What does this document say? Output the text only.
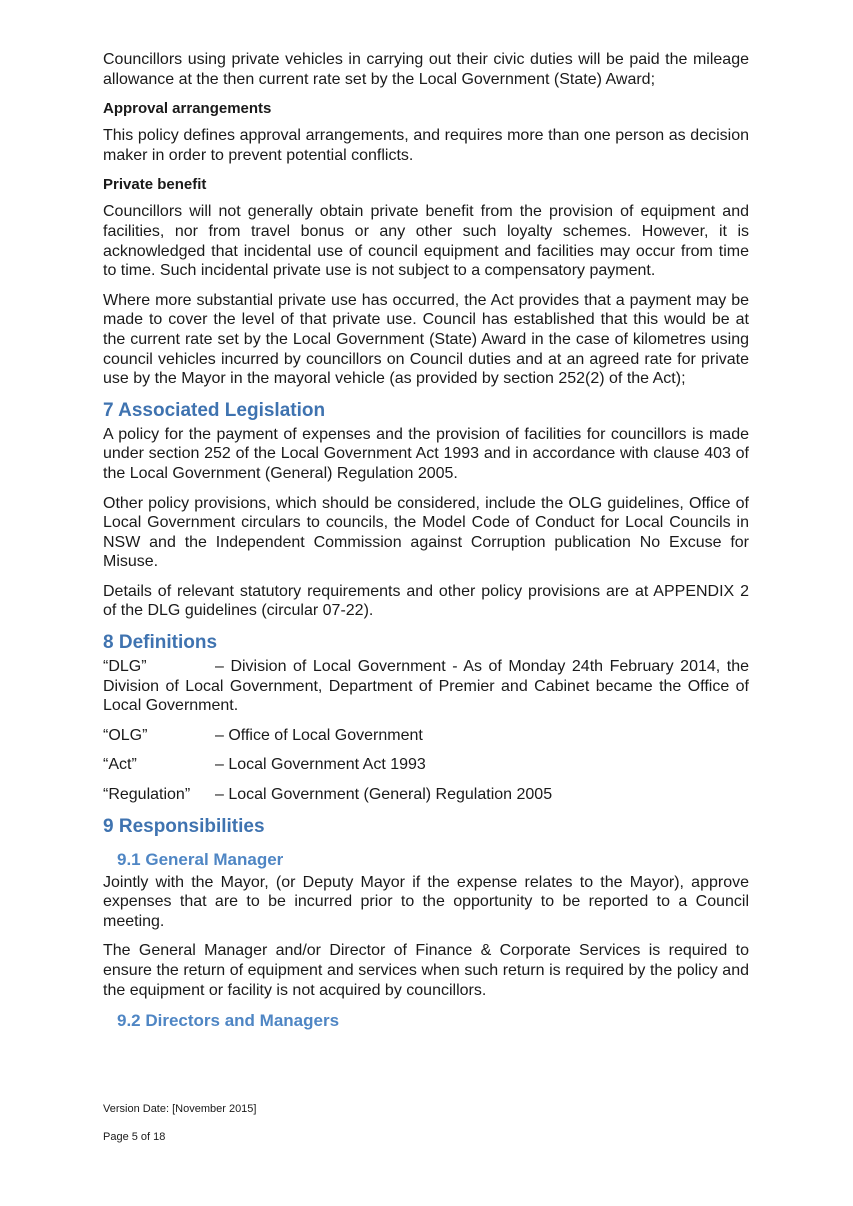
Councillors using private vehicles in carrying out their civic duties will be paid the mileage allowance at the then current rate set by the Local Government (State) Award;

Approval arrangements

This policy defines approval arrangements, and requires more than one person as decision maker in order to prevent potential conflicts.

Private benefit

Councillors will not generally obtain private benefit from the provision of equipment and facilities, nor from travel bonus or any other such loyalty schemes. However, it is acknowledged that incidental use of council equipment and facilities may occur from time to time. Such incidental private use is not subject to a compensatory payment.

Where more substantial private use has occurred, the Act provides that a payment may be made to cover the level of that private use. Council has established that this would be at the current rate set by the Local Government (State) Award in the case of kilometres using council vehicles incurred by councillors on Council duties and at an agreed rate for private use by the Mayor in the mayoral vehicle (as provided by section 252(2) of the Act);

7 Associated Legislation

A policy for the payment of expenses and the provision of facilities for councillors is made under section 252 of the Local Government Act 1993 and in accordance with clause 403 of the Local Government (General) Regulation 2005.

Other policy provisions, which should be considered, include the OLG guidelines, Office of Local Government circulars to councils, the Model Code of Conduct for Local Councils in NSW and the Independent Commission against Corruption publication No Excuse for Misuse.

Details of relevant statutory requirements and other policy provisions are at APPENDIX 2 of the DLG guidelines (circular 07-22).

8 Definitions
“DLG”	– Division of Local Government - As of Monday 24th February 2014, the Division of Local Government, Department of Premier and Cabinet became the Office of Local Government.
“OLG”	– Office of Local Government
“Act”	– Local Government Act 1993
“Regulation”	– Local Government (General) Regulation 2005
9 Responsibilities
9.1 General Manager

Jointly with the Mayor, (or Deputy Mayor if the expense relates to the Mayor), approve expenses that are to be incurred prior to the opportunity to be reported to a Council meeting.

The General Manager and/or Director of Finance & Corporate Services is required to ensure the return of equipment and services when such return is required by the policy and the equipment or facility is not acquired by councillors.

9.2 Directors and Managers
Version Date: [November 2015]
Page 5 of 18
